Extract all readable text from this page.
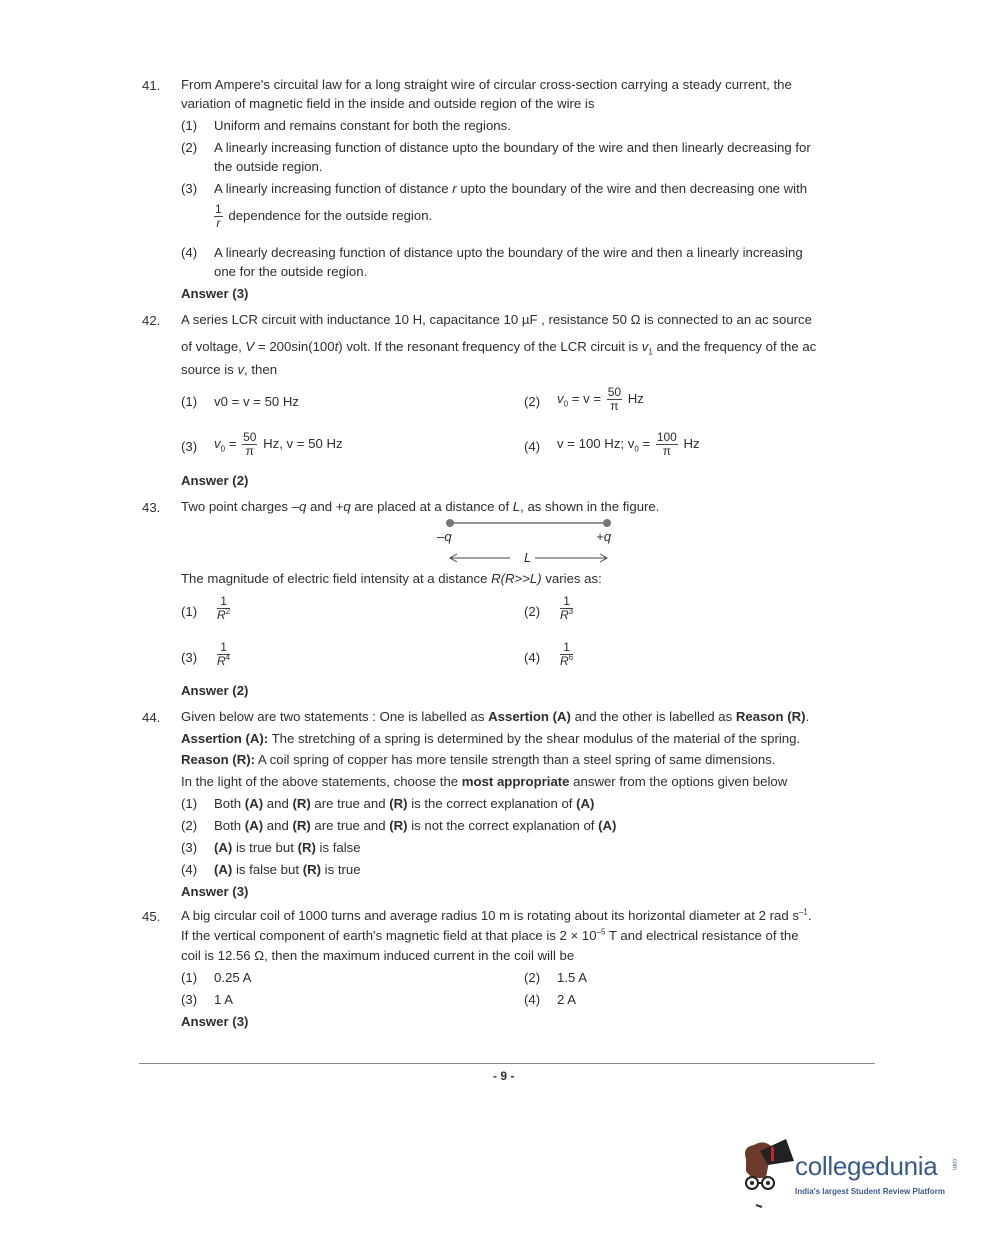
41. From Ampere's circuital law for a long straight wire of circular cross-section carrying a steady current, the
variation of magnetic field in the inside and outside region of the wire is
(1) Uniform and remains constant for both the regions.
(2) A linearly increasing function of distance upto the boundary of the wire and then linearly decreasing for
the outside region.
(3) A linearly increasing function of distance r upto the boundary of the wire and then decreasing one with
$\frac{1}{r}$ dependence for the outside region.
(4) A linearly decreasing function of distance upto the boundary of the wire and then a linearly increasing
one for the outside region.
Answer (3)
42. A series LCR circuit with inductance 10 H, capacitance 10 µF , resistance 50 Ω is connected to an ac source
of voltage, V = 200sin(100t) volt. If the resonant frequency of the LCR circuit is $v_1$ and the frequency of the ac
source is v, then
(1) v0 = v = 50 Hz	(2) $v_0 = v = \frac{50}{\pi}$ Hz
(3) $v_0 = \frac{50}{\pi} Hz$, v = 50 Hz	(4) v = 100 Hz; $v_0 = \frac{100}{\pi}$ Hz
Answer (2)
43. Two point charges –q and +q are placed at a distance of L, as shown in the figure.
–q	+q
L
The magnitude of electric field intensity at a distance R(R>>L) varies as:
$(1) \frac{1}{R^2}$	$(2) \frac{1}{R^3}$
$(3) \frac{1}{R^4}$	$(4) \frac{1}{R^6}$
Answer (2)
44. Given below are two statements : One is labelled as Assertion (A) and the other is labelled as Reason (R).
Assertion (A): The stretching of a spring is determined by the shear modulus of the material of the spring.
Reason (R): A coil spring of copper has more tensile strength than a steel spring of same dimensions.
In the light of the above statements, choose the most appropriate answer from the options given below
(1) Both (A) and (R) are true and (R) is the correct explanation of (A)
(2) Both (A) and (R) are true and (R) is not the correct explanation of (A)
(3) (A) is true but (R) is false
(4) (A) is false but (R) is true
Answer (3)
45. A big circular coil of 1000 turns and average radius 10 m is rotating about its horizontal diameter at 2 rad $s^{-1}$.
If the vertical component of earth's magnetic field at that place is $2 \times 10^{-5}$ T and electrical resistance of the
coil is 12.56 Ω, then the maximum induced current in the coil will be
(1) 0.25 A	(2) 1.5 A
(3) 1 A	(4) 2 A
Answer (3)
- 9 -
collegedunia .com
India's largest Student Review Platform
